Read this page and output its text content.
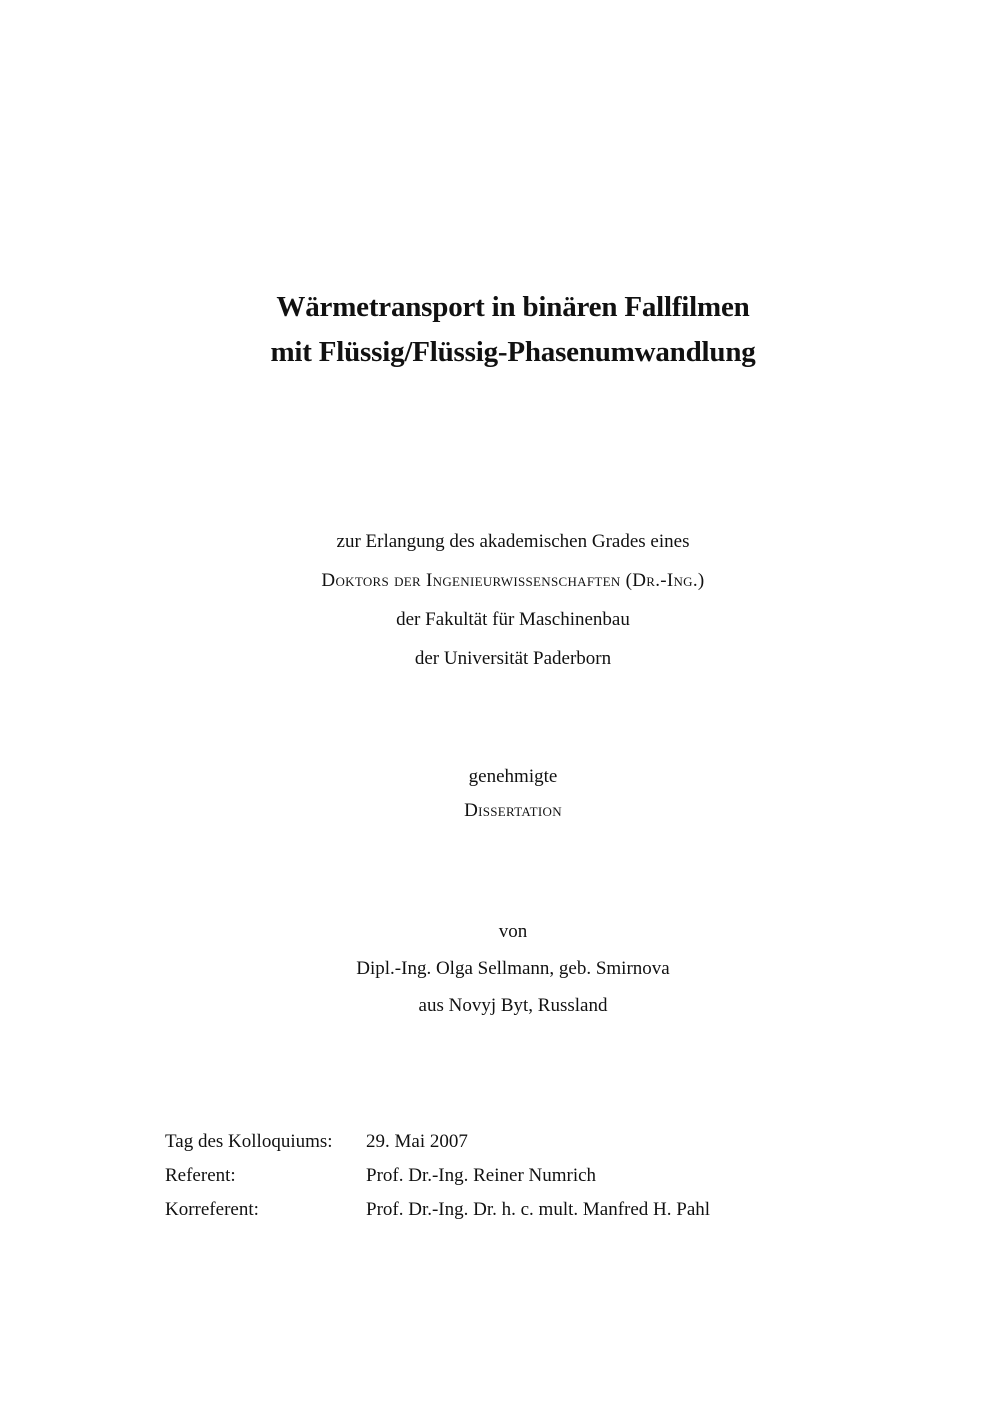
Wärmetransport in binären Fallfilmen
mit Flüssig/Flüssig-Phasenumwandlung
zur Erlangung des akademischen Grades eines
Doktors der Ingenieurwissenschaften (Dr.-Ing.)
der Fakultät für Maschinenbau
der Universität Paderborn
genehmigte
Dissertation
von
Dipl.-Ing. Olga Sellmann, geb. Smirnova
aus Novyj Byt, Russland
Tag des Kolloquiums:	29. Mai 2007
Referent:	Prof. Dr.-Ing. Reiner Numrich
Korreferent:	Prof. Dr.-Ing. Dr. h. c. mult. Manfred H. Pahl
